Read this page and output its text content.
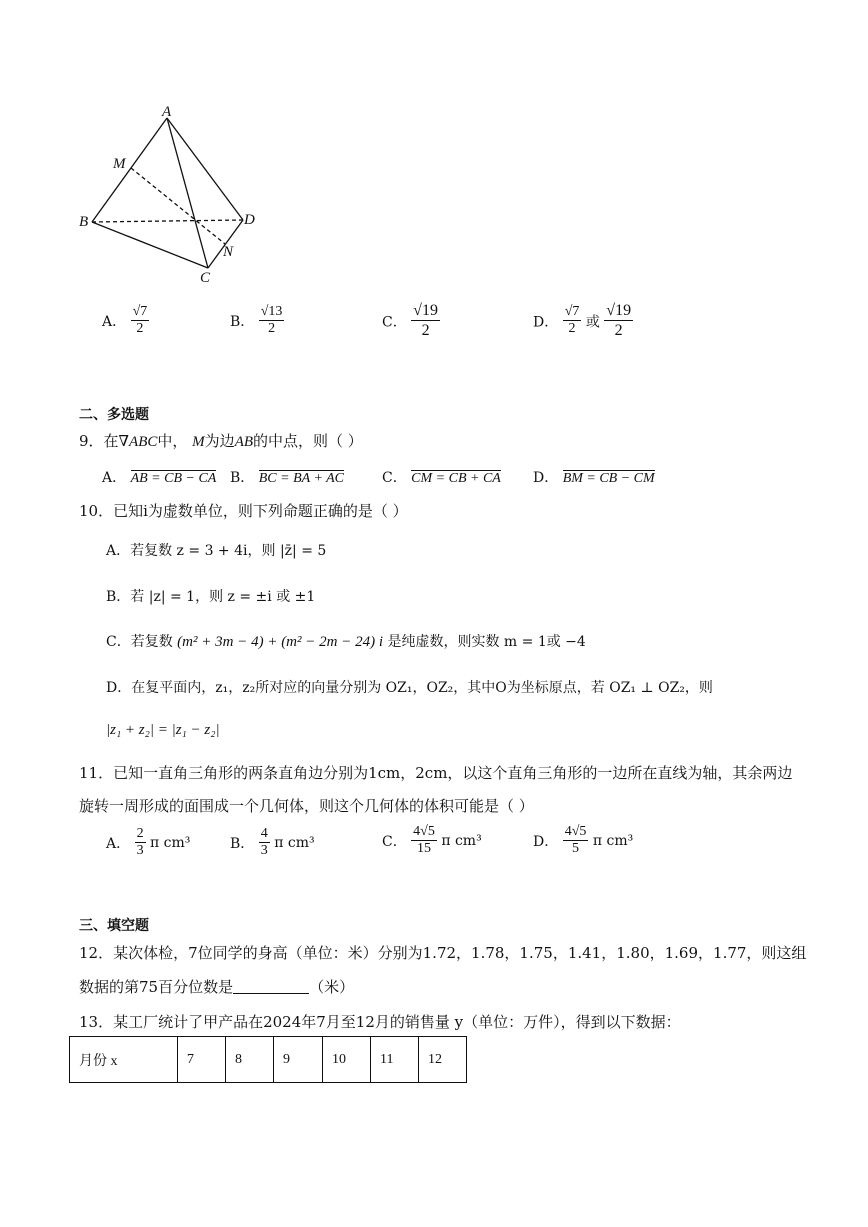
A
M
B	D
N
C
A． $\frac{√7}{2}$	B． $\frac{√13}{2}$	C． $\frac{√19}{2}$	D． $\frac{√7}{2}$ 或 $\frac{√19}{2}$
二、多选题
9．在∇ABC中， M为边AB的中点，则（ ）
A． AB = CB − CA B． BC = BA + AC	C． CM = CB + CA D． BM = CB − CM
10．已知i为虚数单位，则下列命题正确的是（ ）
A．若复数 z = 3 + 4i，则 |z̄| = 5
B．若 |z| = 1，则 z = ±i 或 ±1
C．若复数 (m² + 3m − 4) + (m² − 2m − 24) i 是纯虚数，则实数 m = 1或 −4
D．在复平面内，z₁，z₂所对应的向量分别为 OZ₁，OZ₂，其中O为坐标原点，若 OZ₁ ⊥ OZ₂，则
|z₁ + z₂| = |z₁ − z₂|
11．已知一直角三角形的两条直角边分别为1cm，2cm，以这个直角三角形的一边所在直线为轴，其余两边
旋转一周形成的面围成一个几何体，则这个几何体的体积可能是（ ）
A． $\frac{2}{3}$ π cm³	B． $\frac{4}{3}$ π cm³	C． $\frac{4√5}{15}$ π cm³	D． $\frac{4√5}{5}$ π cm³
三、填空题
12．某次体检，7位同学的身高（单位：米）分别为1.72，1.78，1.75，1.41，1.80，1.69，1.77，则这组
数据的第75百分位数是	（米）
13．某工厂统计了甲产品在2024年7月至12月的销售量 y（单位：万件），得到以下数据：
月份 x	7	8	9	10	11	12
